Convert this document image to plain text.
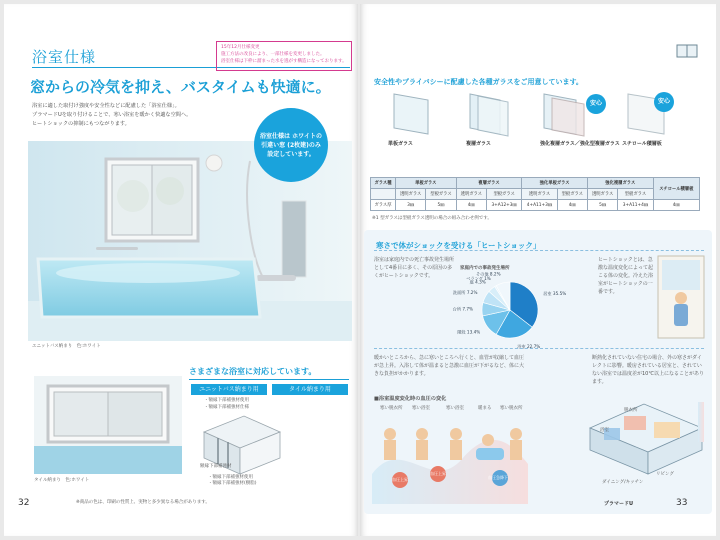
浴室仕様
15年12月仕様変更
施工方法の改良により、一部仕様を変更しました。
浴室仕様は下枠に溜まった水を逃がす構造になっております。
窓からの冷気を抑え、バスタイムも快適に。
浴室に適した取付け強度や安全性などに配慮した「浴室仕様」。
プラマードUを取り付けることで、寒い浴室を暖かく快適な空間へ。
ヒートショックの抑制にもつながります。
浴室仕様は ホワイトの引違い窓 (2枚建)のみ 設定しています。
ユニットバス納まり　色:ホワイト
さまざまな浴室に対応しています。
タイル納まり　色:ホワイト
ユニットバス納まり用	タイル納まり用
・額縁下部補強材使用
・額縁下部補強材仕様
額縁下部補強材
・額縁下部補強材使用
・額縁下部補強材(樹脂)
32	※商品の色は、印刷の性質上、実物と多少異なる場合があります。
安全性やプライバシーに配慮した各種ガラスをご用意しています。
安心	安心
単板ガラス	複層ガラス	強化複層ガラス／強化型複層ガラス スチロール積層板
ガラス種	単板ガラス		複層ガラス		強化単板ガラス		強化複層ガラス		スチロール積層板
	透明ガラス	型板ガラス	透明ガラス	型板ガラス	透明ガラス	型板ガラス	透明ガラス	型板ガラス	
ガラス厚	3㎜	5㎜	4㎜	3+A12+3㎜	4+A11+3㎜	4㎜	5㎜	3+A11+4㎜	4㎜
※1 型ガラスは型板ガラス透明の場合の組み合わせ例です。
寒さで体がショックを受ける「ヒートショック」
浴室は家庭内での死亡事故発生場所として4番目に多く、その原因の多くがヒートショックです。
家庭内での事故発生場所
居室 35.5%
浴室 22.7%
階段 13.4%
台所 7.7%
洗面所 7.2%
庭 4.3%
ベランダ 1%
その他 8.2%
ヒートショックとは、急激な温度変化によって起こる体の変化。冷えた浴室がヒートショックの一番です。
暖かいところから、急に寒いところへ行くと、血管が収縮して血圧が急上昇。入浴して体が温まると急激に血圧が下がるなど、体に大きな負担がかかります。
■浴室温度変化時の血圧の変化
寒い脱衣所 寒い浴室	寒い浴室	暖まる 寒い脱衣所
血圧上昇
血圧上昇
血圧急降下
断熱化されていない住宅の場合、外の寒さがダイレクトに影響。暖房されている居室と、されていない浴室では温度差が10℃以上になることがあります。
脱衣所
浴室
リビング
ダイニング/キッチン
プラマードU	33
